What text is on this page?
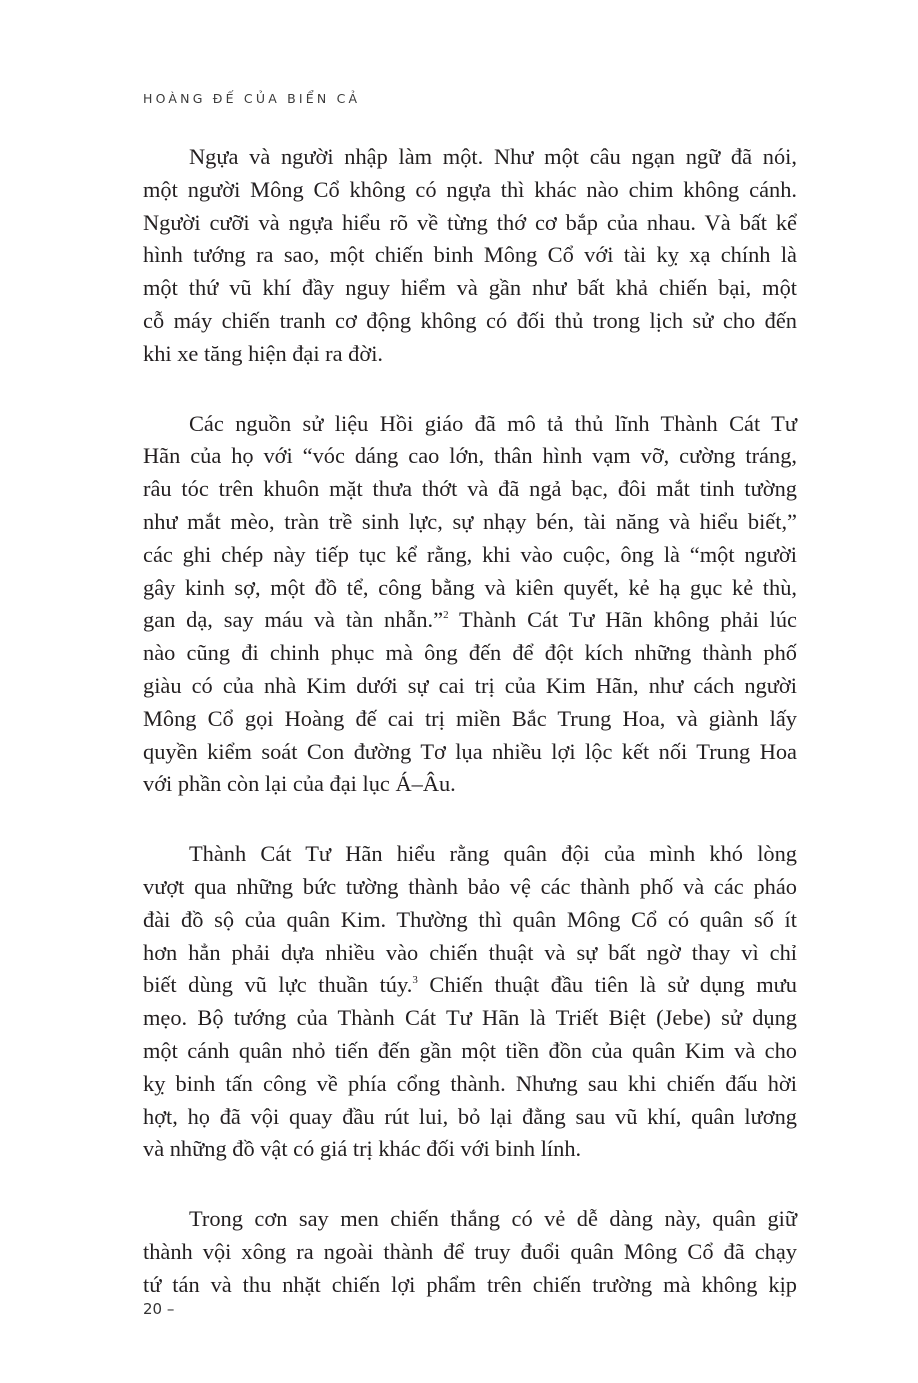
HOÀNG ĐẾ CỦA BIỂN CẢ
Ngựa và người nhập làm một. Như một câu ngạn ngữ đã nói,
một người Mông Cổ không có ngựa thì khác nào chim không cánh.
Người cưỡi và ngựa hiểu rõ về từng thớ cơ bắp của nhau. Và bất kể
hình tướng ra sao, một chiến binh Mông Cổ với tài kỵ xạ chính là
một thứ vũ khí đầy nguy hiểm và gần như bất khả chiến bại, một
cỗ máy chiến tranh cơ động không có đối thủ trong lịch sử cho đến
khi xe tăng hiện đại ra đời.
Các nguồn sử liệu Hồi giáo đã mô tả thủ lĩnh Thành Cát Tư
Hãn của họ với “vóc dáng cao lớn, thân hình vạm vỡ, cường tráng,
râu tóc trên khuôn mặt thưa thớt và đã ngả bạc, đôi mắt tinh tường
như mắt mèo, tràn trề sinh lực, sự nhạy bén, tài năng và hiểu biết,”
các ghi chép này tiếp tục kể rằng, khi vào cuộc, ông là “một người
gây kinh sợ, một đồ tể, công bằng và kiên quyết, kẻ hạ gục kẻ thù,
gan dạ, say máu và tàn nhẫn.”$^2$ Thành Cát Tư Hãn không phải lúc
nào cũng đi chinh phục mà ông đến để đột kích những thành phố
giàu có của nhà Kim dưới sự cai trị của Kim Hãn, như cách người
Mông Cổ gọi Hoàng đế cai trị miền Bắc Trung Hoa, và giành lấy
quyền kiểm soát Con đường Tơ lụa nhiều lợi lộc kết nối Trung Hoa
với phần còn lại của đại lục Á–Âu.
Thành Cát Tư Hãn hiểu rằng quân đội của mình khó lòng
vượt qua những bức tường thành bảo vệ các thành phố và các pháo
đài đồ sộ của quân Kim. Thường thì quân Mông Cổ có quân số ít
hơn hẳn phải dựa nhiều vào chiến thuật và sự bất ngờ thay vì chỉ
biết dùng vũ lực thuần túy.$^3$ Chiến thuật đầu tiên là sử dụng mưu
mẹo. Bộ tướng của Thành Cát Tư Hãn là Triết Biệt (Jebe) sử dụng
một cánh quân nhỏ tiến đến gần một tiền đồn của quân Kim và cho
kỵ binh tấn công về phía cổng thành. Nhưng sau khi chiến đấu hời
hợt, họ đã vội quay đầu rút lui, bỏ lại đằng sau vũ khí, quân lương
và những đồ vật có giá trị khác đối với binh lính.
Trong cơn say men chiến thắng có vẻ dễ dàng này, quân giữ
thành vội xông ra ngoài thành để truy đuổi quân Mông Cổ đã chạy
tứ tán và thu nhặt chiến lợi phẩm trên chiến trường mà không kịp
20 –
